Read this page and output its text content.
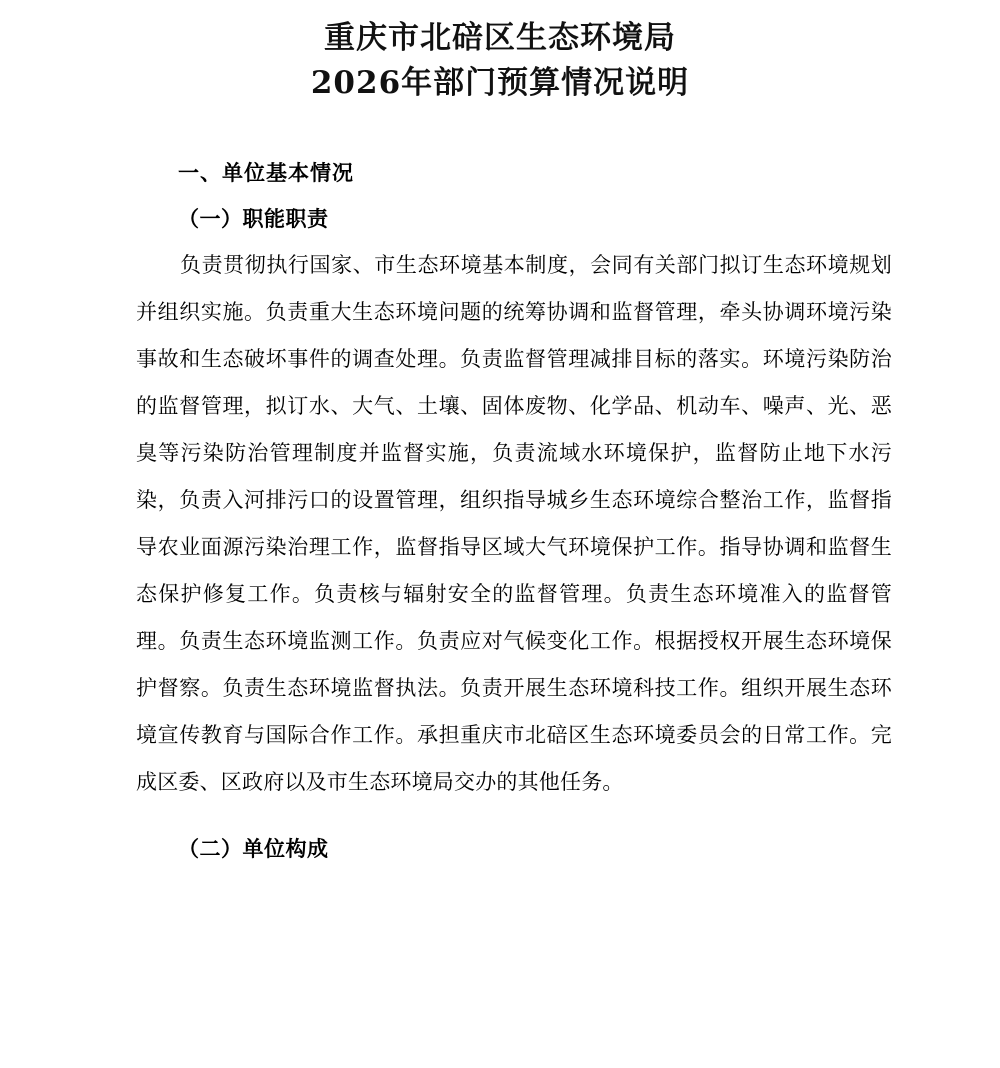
重庆市北碚区生态环境局
2026年部门预算情况说明
一、单位基本情况
（一）职能职责

负责贯彻执行国家、市生态环境基本制度，会同有关部门拟订生态环境规划并组织实施。负责重大生态环境问题的统筹协调和监督管理，牵头协调环境污染事故和生态破坏事件的调查处理。负责监督管理减排目标的落实。环境污染防治的监督管理，拟订水、大气、土壤、固体废物、化学品、机动车、噪声、光、恶臭等污染防治管理制度并监督实施，负责流域水环境保护，监督防止地下水污染，负责入河排污口的设置管理，组织指导城乡生态环境综合整治工作，监督指导农业面源污染治理工作，监督指导区域大气环境保护工作。指导协调和监督生态保护修复工作。负责核与辐射安全的监督管理。负责生态环境准入的监督管理。负责生态环境监测工作。负责应对气候变化工作。根据授权开展生态环境保护督察。负责生态环境监督执法。负责开展生态环境科技工作。组织开展生态环境宣传教育与国际合作工作。承担重庆市北碚区生态环境委员会的日常工作。完成区委、区政府以及市生态环境局交办的其他任务。

（二）单位构成
